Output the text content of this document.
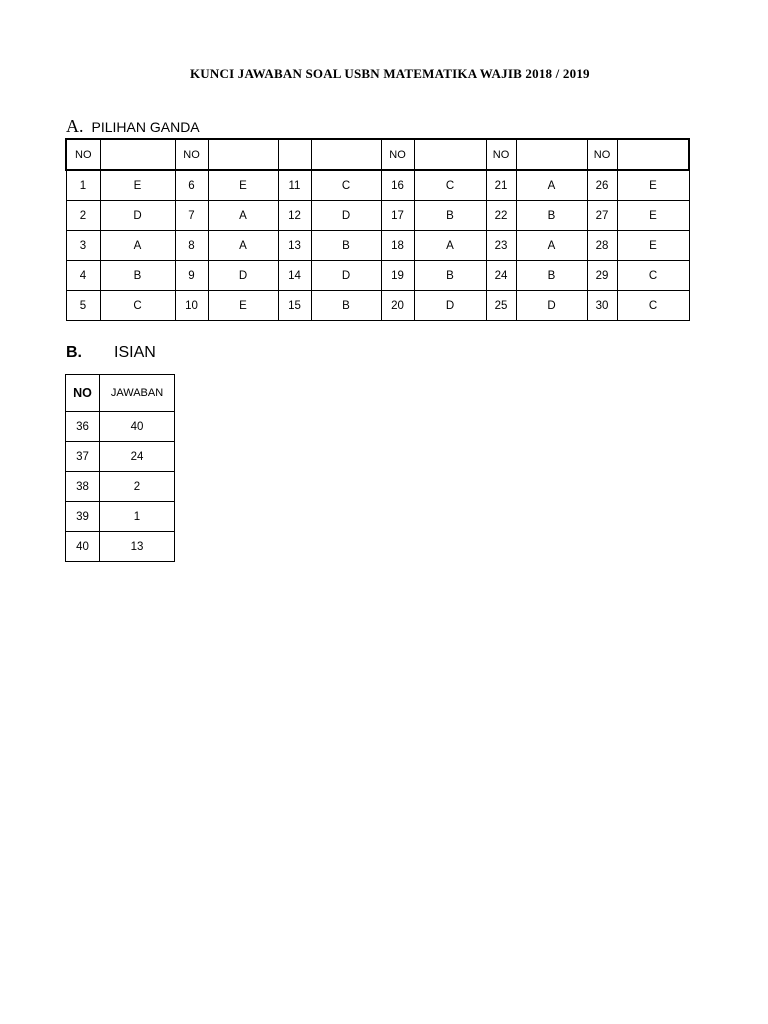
KUNCI JAWABAN SOAL USBN MATEMATIKA WAJIB 2018 / 2019
A. PILIHAN GANDA
NO		NO				NO		NO		NO	
1	E	6	E	11	C	16	C	21	A	26	E
2	D	7	A	12	D	17	B	22	B	27	E
3	A	8	A	13	B	18	A	23	A	28	E
4	B	9	D	14	D	19	B	24	B	29	C
5	C	10	E	15	B	20	D	25	D	30	C
B. ISIAN
NO	JAWABAN
36	40
37	24
38	2
39	1
40	13
